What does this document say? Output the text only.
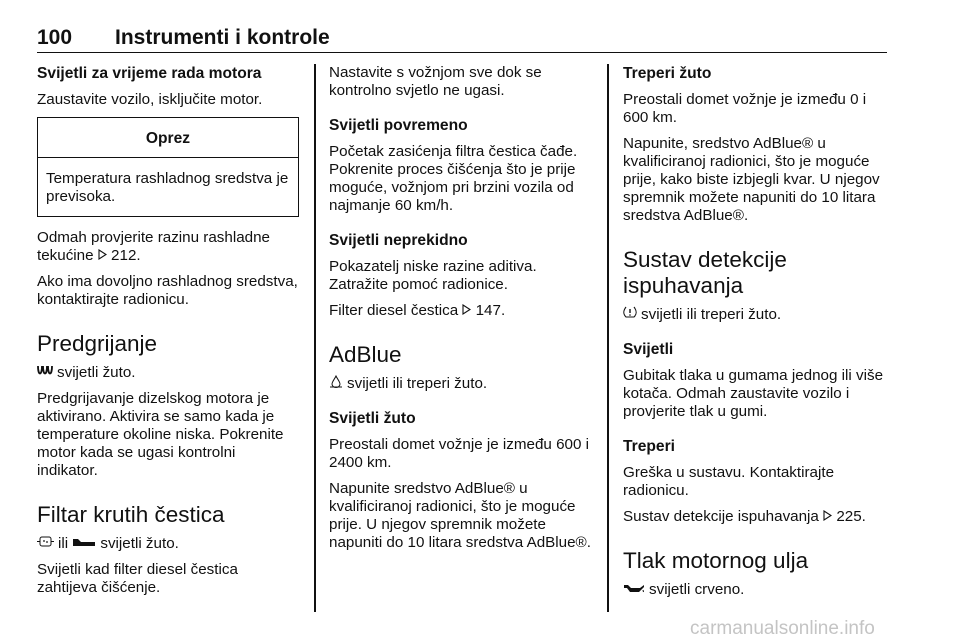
100 Instrumenti i kontrole
Svijetli za vrijeme rada motora

Zaustavite vozilo, isključite motor.

Oprez
Temperatura rashladnog sredstva je previsoka.

Odmah provjerite razinu rashladne tekućine 212.

Ako ima dovoljno rashladnog sredstva, kontaktirajte radionicu.

Predgrijanje

svijetli žuto.

Predgrijavanje dizelskog motora je aktivirano. Aktivira se samo kada je temperature okoline niska. Pokrenite motor kada se ugasi kontrolni indikator.

Filtar krutih čestica

ili svijetli žuto.

Svijetli kad filter diesel čestica zahtijeva čišćenje.

Nastavite s vožnjom sve dok se kontrolno svjetlo ne ugasi.

Svijetli povremeno

Početak zasićenja filtra čestica čađe. Pokrenite proces čišćenja što je prije moguće, vožnjom pri brzini vozila od najmanje 60 km/h.

Svijetli neprekidno

Pokazatelj niske razine aditiva. Zatražite pomoć radionice.

Filter diesel čestica 147.

AdBlue

svijetli ili treperi žuto.

Svijetli žuto

Preostali domet vožnje je između 600 i 2400 km.

Napunite sredstvo AdBlue® u kvalificiranoj radionici, što je moguće prije. U njegov spremnik možete napuniti do 10 litara sredstva AdBlue®.

Treperi žuto

Preostali domet vožnje je između 0 i 600 km.

Napunite, sredstvo AdBlue® u kvalificiranoj radionici, što je moguće prije, kako biste izbjegli kvar. U njegov spremnik možete napuniti do 10 litara sredstva AdBlue®.

Sustav detekcije ispuhavanja

svijetli ili treperi žuto.

Svijetli

Gubitak tlaka u gumama jednog ili više kotača. Odmah zaustavite vozilo i provjerite tlak u gumi.

Treperi

Greška u sustavu. Kontaktirajte radionicu.

Sustav detekcije ispuhavanja 225.

Tlak motornog ulja

svijetli crveno.

carmanualsonline.info
